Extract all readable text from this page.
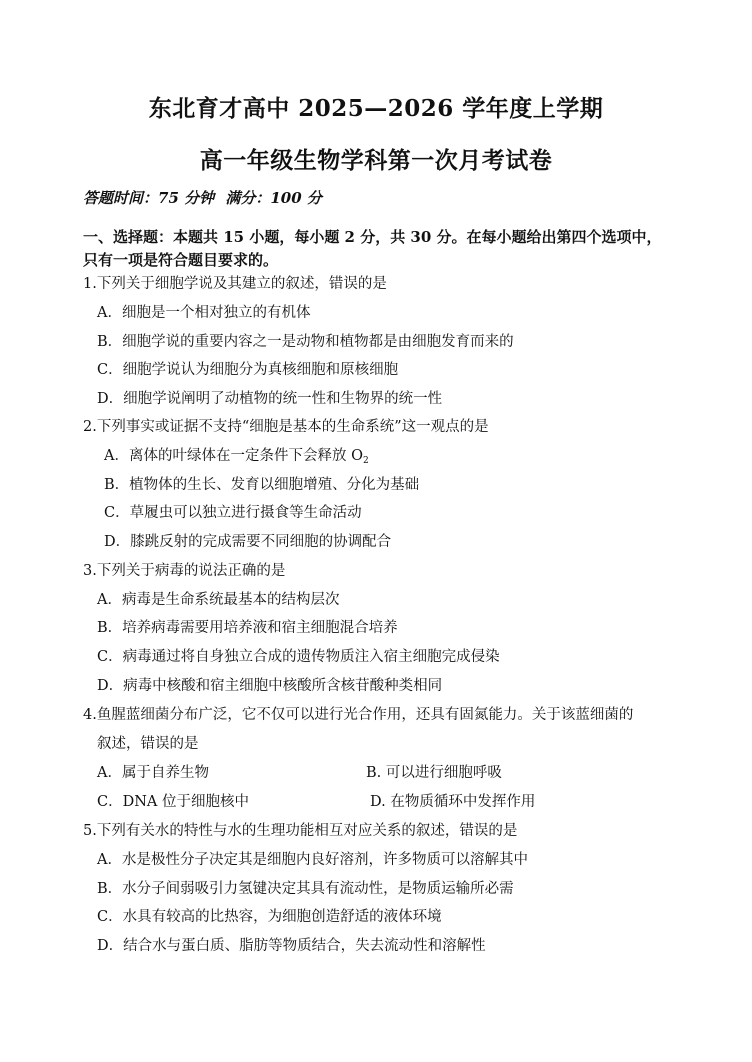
东北育才高中 2025—2026 学年度上学期
高一年级生物学科第一次月考试卷
答题时间：75 分钟 满分：100 分
一、选择题：本题共 15 小题，每小题 2 分，共 30 分。在每小题给出第四个选项中，只有一项是符合题目要求的。
1.下列关于细胞学说及其建立的叙述，错误的是
A．细胞是一个相对独立的有机体
B．细胞学说的重要内容之一是动物和植物都是由细胞发育而来的
C．细胞学说认为细胞分为真核细胞和原核细胞
D．细胞学说阐明了动植物的统一性和生物界的统一性
2.下列事实或证据不支持“细胞是基本的生命系统”这一观点的是
A．离体的叶绿体在一定条件下会释放 $O_2$
B．植物体的生长、发育以细胞增殖、分化为基础
C．草履虫可以独立进行摄食等生命活动
D．膝跳反射的完成需要不同细胞的协调配合
3.下列关于病毒的说法正确的是
A．病毒是生命系统最基本的结构层次
B．培养病毒需要用培养液和宿主细胞混合培养
C．病毒通过将自身独立合成的遗传物质注入宿主细胞完成侵染
D．病毒中核酸和宿主细胞中核酸所含核苷酸种类相同
4.鱼腥蓝细菌分布广泛，它不仅可以进行光合作用，还具有固氮能力。关于该蓝细菌的
叙述，错误的是
A．属于自养生物	B. 可以进行细胞呼吸
C．DNA 位于细胞核中	D. 在物质循环中发挥作用
5.下列有关水的特性与水的生理功能相互对应关系的叙述，错误的是
A．水是极性分子决定其是细胞内良好溶剂，许多物质可以溶解其中
B．水分子间弱吸引力氢键决定其具有流动性，是物质运输所必需
C．水具有较高的比热容，为细胞创造舒适的液体环境
D．结合水与蛋白质、脂肪等物质结合，失去流动性和溶解性
